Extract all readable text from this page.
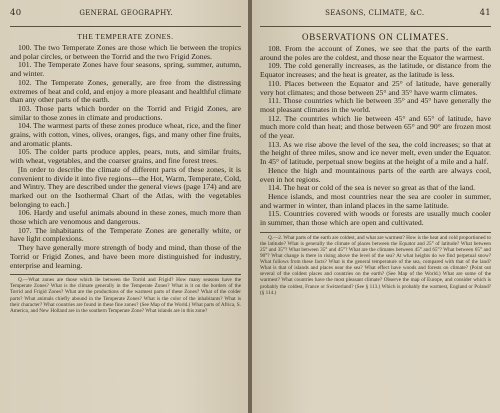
40	GENERAL GEOGRAPHY.
THE TEMPERATE ZONES.

100. The two Temperate Zones are those which lie between the tropics and polar circles, or between the Torrid and the two Frigid Zones.

101. The Temperate Zones have four seasons, spring, summer, autumn, and winter.

102. The Temperate Zones, generally, are free from the distressing extremes of heat and cold, and enjoy a more pleasant and healthful climate than any other parts of the earth.

103. Those parts which border on the Torrid and Frigid Zones, are similar to those zones in climate and productions.

104. The warmest parts of these zones produce wheat, rice, and the finer grains, with cotton, vines, olives, oranges, figs, and many other fine fruits, and aromatic plants.

105. The colder parts produce apples, pears, nuts, and similar fruits, with wheat, vegetables, and the coarser grains, and fine forest trees.

[In order to describe the climate of different parts of these zones, it is convenient to divide it into five regions—the Hot, Warm, Temperate, Cold, and Wintry. They are described under the general views (page 174) and are marked out on the Isothermal Chart of the Atlas, with the vegetables belonging to each.]

106. Hardy and useful animals abound in these zones, much more than those which are venomous and dangerous.

107. The inhabitants of the Temperate Zones are generally white, or have light complexions.

They have generally more strength of body and mind, than those of the Torrid or Frigid Zones, and have been more distinguished for industry, enterprise and learning.

Q.—What zones are those which lie between the Torrid and Frigid? How many seasons have the Temperate Zones? What is the climate generally in the Temperate Zones? What is it on the borders of the Torrid and Frigid Zones? What are the productions of the warmest parts of these Zones? What of the colder parts? What animals chiefly abound in the Temperate Zones? What is the color of the inhabitants? What is their character? What countries are found in these fine zones? (See Map of the World.) What parts of Africa, S. America, and New Holland are in the southern Temperate Zone? What islands are in this zone?

SEASONS, CLIMATE, &C.	41
OBSERVATIONS ON CLIMATES.

108. From the account of Zones, we see that the parts of the earth around the poles are the coldest, and those near the Equator the warmest.

109. The cold generally increases, as the latitude, or distance from the Equator increases; and the heat is greater, as the latitude is less.

110. Places between the Equator and 25° of latitude, have generally very hot climates; and those between 25° and 35° have warm climates.

111. Those countries which lie between 35° and 45° have generally the most pleasant climates in the world.

112. The countries which lie between 45° and 65° of latitude, have much more cold than heat; and those between 65° and 90° are frozen most of the year.

113. As we rise above the level of the sea, the cold increases; so that at the height of three miles, snow and ice never melt, even under the Equator. In 45° of latitude, perpetual snow begins at the height of a mile and a half.

Hence the high and mountainous parts of the earth are always cool, even in hot regions.

114. The heat or cold of the sea is never so great as that of the land.

Hence islands, and most countries near the sea are cooler in summer, and warmer in winter, than inland places in the same latitude.

115. Countries covered with woods or forests are usually much cooler in summer, than those which are open and cultivated.

Q.—2. What parts of the earth are coldest, and what are warmest? How is the heat and cold proportioned to the latitude? What is generally the climate of places between the Equator and 25° of latitude? What between 25° and 35°? What between 35° and 45°? What are the climates between 45° and 65°? What between 65° and 90°? What change is there in rising above the level of the sea? At what heights do we find perpetual snow? What follows from these facts? What is the general temperature of the sea, compared with that of the land? What is that of islands and places near the sea? What effect have woods and forests on climate? (Point out several of the coldest places and countries on the earth? (See Map of the World.) What are some of the warmest? What countries have the most pleasant climate? Observe the map of Europe, and consider which is probably the coldest, France or Switzerland? (See § 113.) Which is probably the warmest, England or Poland? (§ 114.)
